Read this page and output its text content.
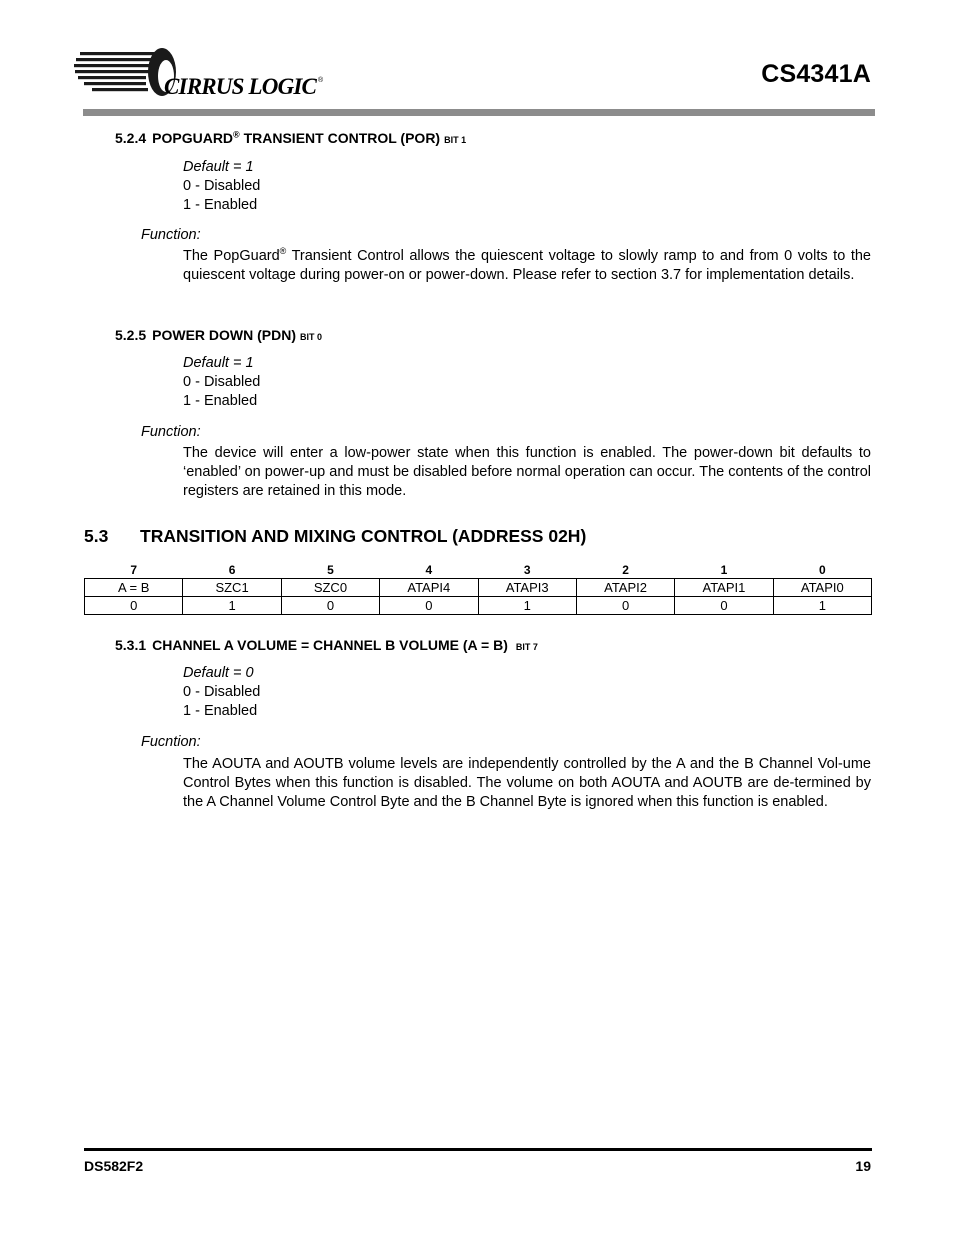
CIRRUS LOGIC ®	CS4341A
5.2.4 POPGUARD® TRANSIENT CONTROL (POR) BIT 1
Default = 1
0 - Disabled
1 - Enabled
Function:
The PopGuard® Transient Control allows the quiescent voltage to slowly ramp to and from 0 volts to the quiescent voltage during power-on or power-down. Please refer to section 3.7 for implementation details.
5.2.5 POWER DOWN (PDN) BIT 0
Default = 1
0 - Disabled
1 - Enabled
Function:
The device will enter a low-power state when this function is enabled. The power-down bit defaults to ‘enabled’ on power-up and must be disabled before normal operation can occur. The contents of the control registers are retained in this mode.
5.3 TRANSITION AND MIXING CONTROL (ADDRESS 02H)
7	6	5	4	3	2	1	0
A = B	SZC1	SZC0	ATAPI4	ATAPI3	ATAPI2	ATAPI1	ATAPI0
0	1	0	0	1	0	0	1
5.3.1 CHANNEL A VOLUME = CHANNEL B VOLUME (A = B) BIT 7
Default = 0
0 - Disabled
1 - Enabled
Fucntion:
The AOUTA and AOUTB volume levels are independently controlled by the A and the B Channel Vol-ume Control Bytes when this function is disabled. The volume on both AOUTA and AOUTB are de-termined by the A Channel Volume Control Byte and the B Channel Byte is ignored when this function is enabled.
DS582F2	19
